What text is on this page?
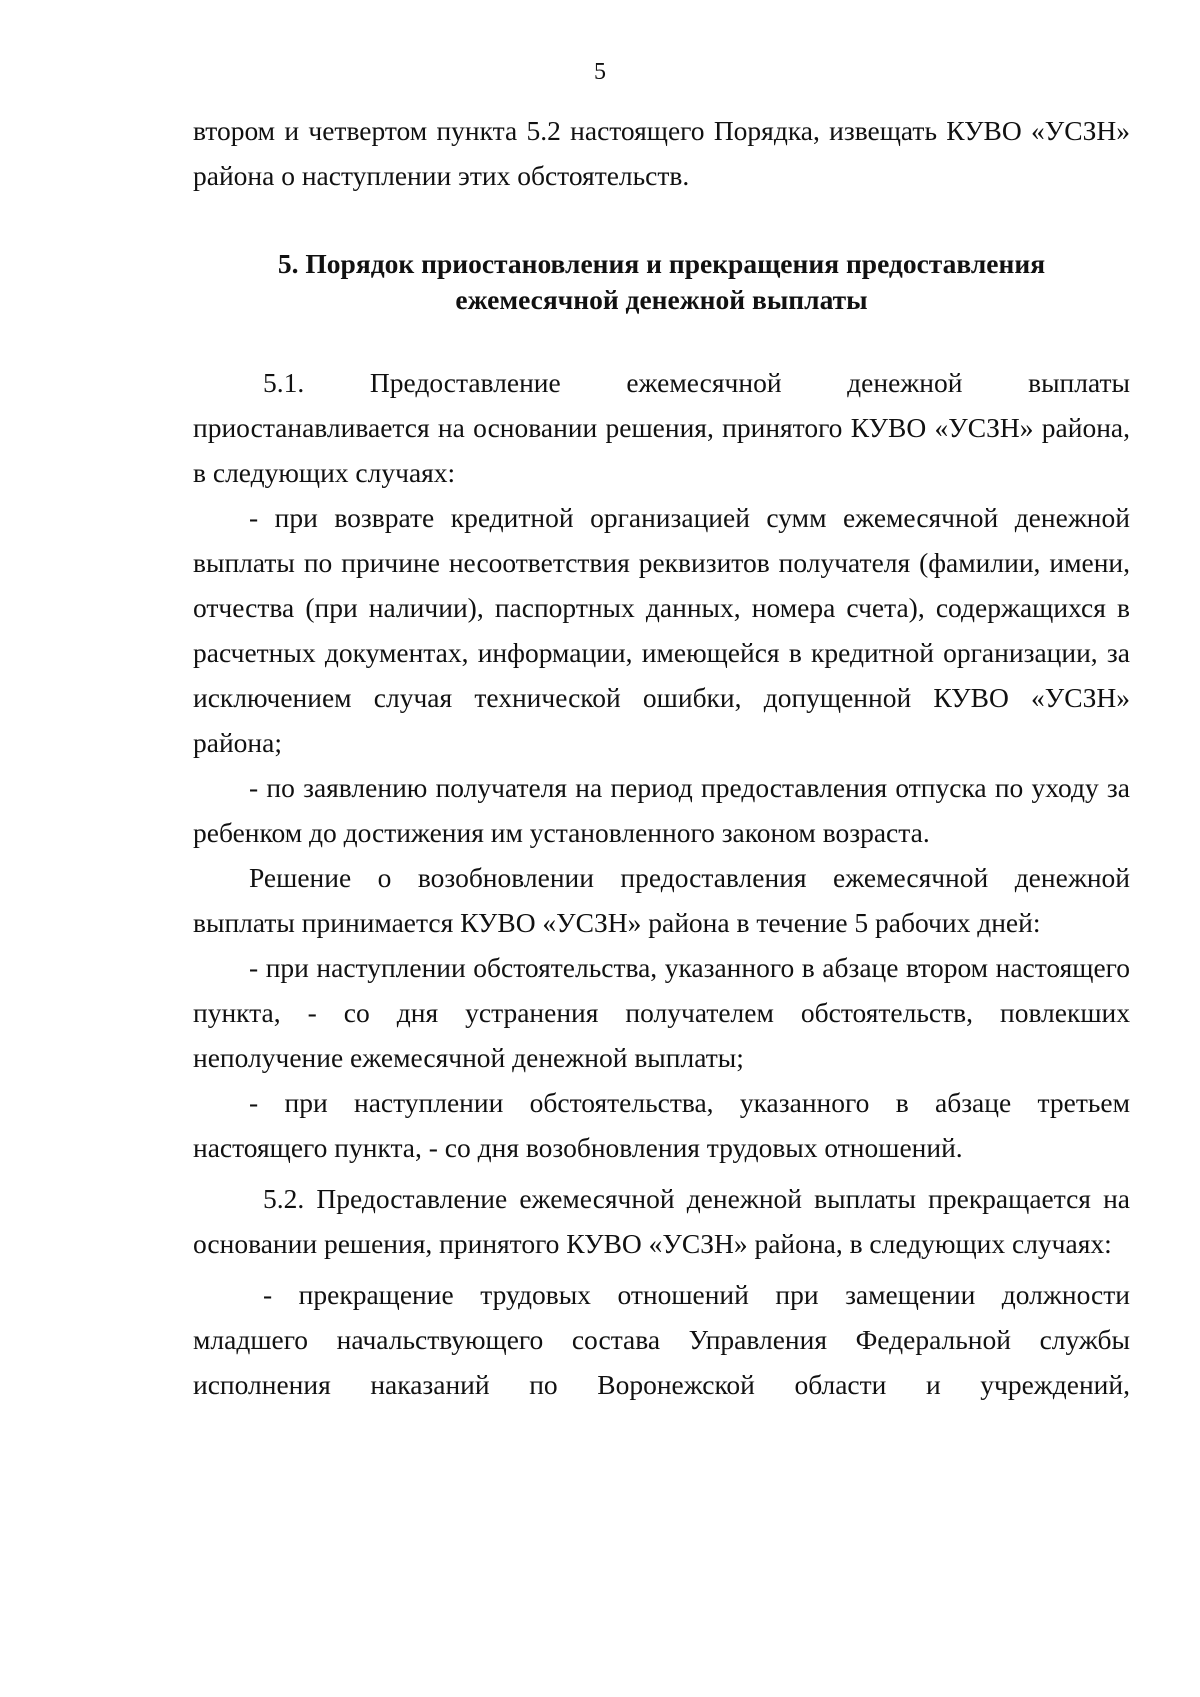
5

втором и четвертом пункта 5.2 настоящего Порядка, извещать КУВО «УСЗН» района о наступлении этих обстоятельств.

5. Порядок приостановления и прекращения предоставления
ежемесячной денежной выплаты

5.1. Предоставление ежемесячной денежной выплаты приостанавливается на основании решения, принятого КУВО «УСЗН» района, в следующих случаях:

- при возврате кредитной организацией сумм ежемесячной денежной выплаты по причине несоответствия реквизитов получателя (фамилии, имени, отчества (при наличии), паспортных данных, номера счета), содержащихся в расчетных документах, информации, имеющейся в кредитной организации, за исключением случая технической ошибки, допущенной КУВО «УСЗН» района;

- по заявлению получателя на период предоставления отпуска по уходу за ребенком до достижения им установленного законом возраста.

Решение о возобновлении предоставления ежемесячной денежной выплаты принимается КУВО «УСЗН» района в течение 5 рабочих дней:

- при наступлении обстоятельства, указанного в абзаце втором настоящего пункта, - со дня устранения получателем обстоятельств, повлекших неполучение ежемесячной денежной выплаты;

- при наступлении обстоятельства, указанного в абзаце третьем настоящего пункта, - со дня возобновления трудовых отношений.

5.2. Предоставление ежемесячной денежной выплаты прекращается на основании решения, принятого КУВО «УСЗН» района, в следующих случаях:

- прекращение трудовых отношений при замещении должности младшего начальствующего состава Управления Федеральной службы исполнения наказаний по Воронежской области и учреждений,
